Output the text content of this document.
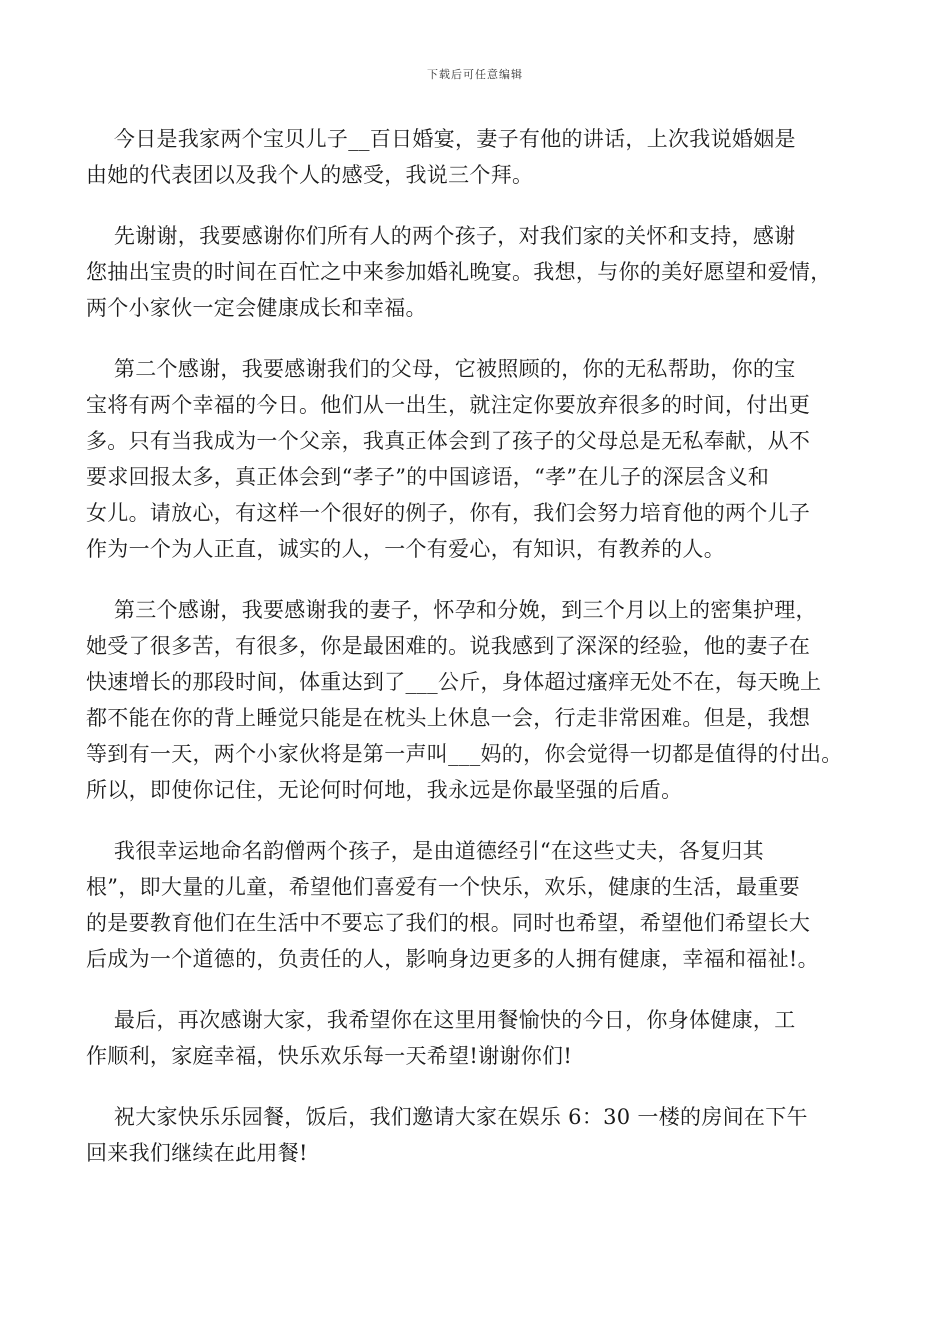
下载后可任意编辑
今日是我家两个宝贝儿子__百日婚宴，妻子有他的讲话，上次我说婚姻是
由她的代表团以及我个人的感受，我说三个拜。
先谢谢，我要感谢你们所有人的两个孩子，对我们家的关怀和支持，感谢
您抽出宝贵的时间在百忙之中来参加婚礼晚宴。我想，与你的美好愿望和爱情，
两个小家伙一定会健康成长和幸福。
第二个感谢，我要感谢我们的父母，它被照顾的，你的无私帮助，你的宝
宝将有两个幸福的今日。他们从一出生，就注定你要放弃很多的时间，付出更
多。只有当我成为一个父亲，我真正体会到了孩子的父母总是无私奉献，从不
要求回报太多，真正体会到“孝子”的中国谚语，“孝”在儿子的深层含义和
女儿。请放心，有这样一个很好的例子，你有，我们会努力培育他的两个儿子
作为一个为人正直，诚实的人，一个有爱心，有知识，有教养的人。
第三个感谢，我要感谢我的妻子，怀孕和分娩，到三个月以上的密集护理，
她受了很多苦，有很多，你是最困难的。说我感到了深深的经验，他的妻子在
快速增长的那段时间，体重达到了___公斤，身体超过瘙痒无处不在，每天晚上
都不能在你的背上睡觉只能是在枕头上休息一会，行走非常困难。但是，我想
等到有一天，两个小家伙将是第一声叫___妈的，你会觉得一切都是值得的付出。
所以，即使你记住，无论何时何地，我永远是你最坚强的后盾。
我很幸运地命名韵僧两个孩子，是由道德经引“在这些丈夫，各复归其
根”，即大量的儿童，希望他们喜爱有一个快乐，欢乐，健康的生活，最重要
的是要教育他们在生活中不要忘了我们的根。同时也希望，希望他们希望长大
后成为一个道德的，负责任的人，影响身边更多的人拥有健康，幸福和福祉!。
最后，再次感谢大家，我希望你在这里用餐愉快的今日，你身体健康，工
作顺利，家庭幸福，快乐欢乐每一天希望!谢谢你们!
祝大家快乐乐园餐，饭后，我们邀请大家在娱乐 6：30 一楼的房间在下午
回来我们继续在此用餐!
